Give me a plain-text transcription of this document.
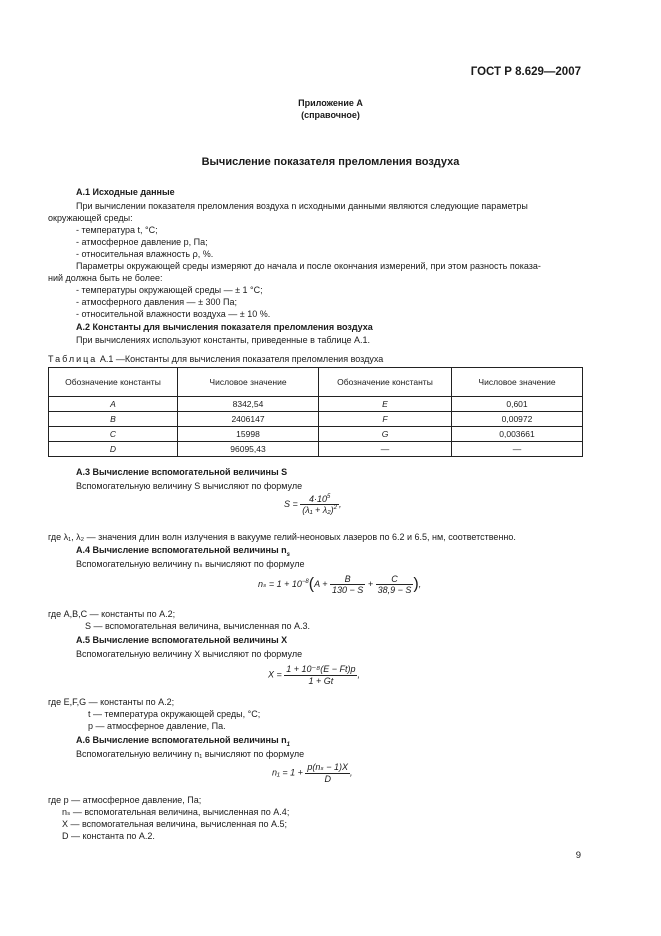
ГОСТ Р 8.629—2007
Приложение А
(справочное)
Вычисление показателя преломления воздуха
А.1 Исходные данные
При вычислении показателя преломления воздуха n исходными данными являются следующие параметры
окружающей среды:
- температура t, °С;
- атмосферное давление p, Па;
- относительная влажность ρ, %.
Параметры окружающей среды измеряют до начала и после окончания измерений, при этом разность показа-
ний должна быть не более:
- температуры окружающей среды — ± 1 °С;
- атмосферного давления — ± 300 Па;
- относительной влажности воздуха — ± 10 %.
А.2 Константы для вычисления показателя преломления воздуха
При вычислениях используют константы, приведенные в таблице А.1.
Таблица А.1 —Константы для вычисления показателя преломления воздуха
Обозначение константы	Числовое значение	Обозначение константы	Числовое значение
A	8342,54	E	0,601
B	2406147	F	0,00972
C	15998	G	0,003661
D	96095,43	—	—
А.3 Вычисление вспомогательной величины S
Вспомогательную величину S вычисляют по формуле
$S = \frac{4\cdot 10^5}{(\lambda_1 + \lambda_2)^2}$ ,
где λ₁, λ₂ — значения длин волн излучения в вакууме гелий-неоновых лазеров по 6.2 и 6.5, нм, соответственно.
А.4 Вычисление вспомогательной величины $n_s$
Вспомогательную величину nₛ вычисляют по формуле
$n_s = 1 + 10^{-8}(A + \frac{B}{130 - S} + \frac{C}{38,9 - S}$ ),
где A,B,C — константы по А.2;
S — вспомогательная величина, вычисленная по А.3.
А.5 Вычисление вспомогательной величины X
Вспомогательную величину X вычисляют по формуле
$X = \frac{\text{1 + 10⁻⁸(E − Ft)p}}{1 + Gt}$ ,
где E,F,G — константы по А.2;
t — температура окружающей среды, °С;
p — атмосферное давление, Па.
А.6 Вычисление вспомогательной величины $n_1$
Вспомогательную величину n₁ вычисляют по формуле
$n_1 = 1 + \frac{\text{p(nₛ − 1)X}}{D}$ ,
где p — атмосферное давление, Па;
nₛ — вспомогательная величина, вычисленная по А.4;
X — вспомогательная величина, вычисленная по А.5;
D — константа по А.2.
9
